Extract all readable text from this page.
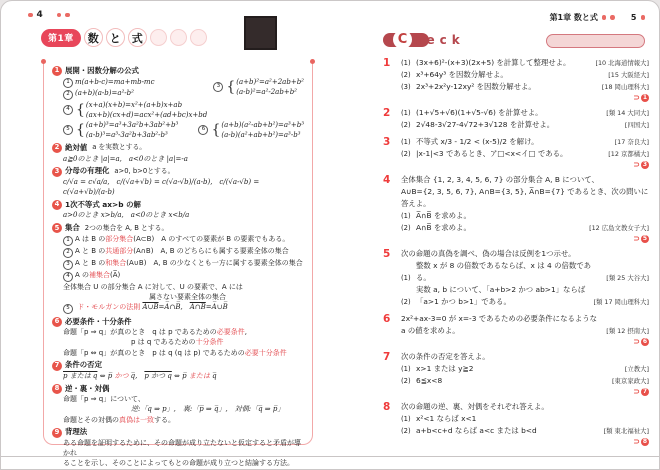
4
第1章	数	と	式
1 展開・因数分解の公式
1 m(a+b-c)=ma+mb-mc
2 (a+b)(a-b)=a²-b²
3
{
(a+b)²=a²+2ab+b²
(a-b)²=a²-2ab+b²
4
{
(x+a)(x+b)=x²+(a+b)x+ab
(ax+b)(cx+d)=acx²+(ad+bc)x+bd
5
{
(a+b)³=a³+3a²b+3ab²+b³
(a-b)³=a³-3a²b+3ab²-b³
6
{
(a+b)(a²-ab+b²)=a³+b³
(a-b)(a²+ab+b²)=a³-b³
2 絶対値 a を実数とする。
a≧0のとき |a|=a,　a<0のとき |a|=-a
3 分母の有理化 a>0, b>0とする。
c/√a = c√a/a,　c/(√a+√b) = c(√a-√b)/(a-b),　c/(√a-√b) = c(√a+√b)/(a-b)
4 1次不等式 ax>b の解
a>0のとき x>b/a,　a<0のとき x<b/a
5 集合 2つの集合を A, B とする。
1 A は B の 部分集合 (A⊂B)　 A のすべての要素が B の要素でもある。
2 A と B の 共通部分 (A∩B)　 A, B のどちらにも属する要素全体の集合
3 A と B の 和集合 (A∪B)　 A, B の少なくとも一方に属する要素全体の集合
4 A の 補集合 (A̅)　
全体集合 U の部分集合 A に対して、U の要素で、A には
属さない要素全体の集合
5
	ド・モルガンの法則
A∪B=A̅∩B̅,　A∩B=A̅∪B̅
6 必要条件・十分条件
命題「p ⇒ q」が真のとき　q は p であるための 必要条件 ,
p は q であるための 十分条件
命題「p ⇔ q」が真のとき　p は q (q は p) であるための 必要十分条件
7 条件の否定
p または q ⇔ p̅ かつ q̅,　p かつ q ⇔ p̅ または q̅
8 逆・裏・対偶
命題「p ⇒ q」について、
逆:「q ⇒ p」,　裏:「p̅ ⇒ q̅」,　対偶:「q̅ ⇒ p̅」
命題とその対偶の 真偽は一致 する。
9 背理法
ある命題を証明するために、その命題が成り立たないと仮定すると矛盾が導かれ
ることを示し、そのことによってもとの命題が成り立つと結論する方法。
第1章 数と式	5
C heck
1	(1) (3x+6)²-(x+3)(2x+5) を計算して整理せよ。	[10 北海道情報大]
(2) x³+64y³ を因数分解せよ。	[15 大阪経大]
(3) 2x³+2x²y-12xy² を因数分解せよ。	[18 岡山理科大]
⊃ 1
2	(1) (1+√5+√6)(1+√5-√6) を計算せよ。	[類 14 大同大]
(2) 2√48-3√27-4√72+3√128 を計算せよ。	[四国大]
3	(1) 不等式 x/3 - 1/2 < (x-5)/2 を解け。	[17 奈良大]
(2) |x-1|<3 であるとき、ア□<x<イ□ である。	[12 京都橘大]
⊃ 3
4	全体集合 {1, 2, 3, 4, 5, 6, 7} の部分集合 A, B について、
A∪B={2, 3, 5, 6, 7}, A∩B={3, 5}, A̅∩B={7} であるとき、次の問いに答えよ。
(1) A̅∩B̅ を求めよ。
(2) A∩B̅ を求めよ。	[12 広島文教女子大]
⊃ 5
5	次の命題の真偽を調べ、偽の場合は反例を1つ示せ。
(1)
整数 x が 8 の倍数であるならば、x は 4 の倍数である。	[類 25 大谷大]
(2)
実数 a, b について、「a+b>2 かつ ab>1」ならば「a>1 かつ b>1」である。	[類 17 岡山理科大]
6	2x²+ax-3=0 が x=-3 であるための必要条件になるような a の値を求めよ。	[類 12 摂南大]
⊃ 6
7	次の条件の否定を答えよ。
(1) x>1 または y≧2	[立教大]
(2) 6≦x<8	[東京家政大]
⊃ 7
8	次の命題の逆、裏、対偶をそれぞれ答えよ。
(1) x²<1 ならば x<1
(2) a+b<c+d ならば a<c または b<d	[類 東北福祉大]
⊃ 8
